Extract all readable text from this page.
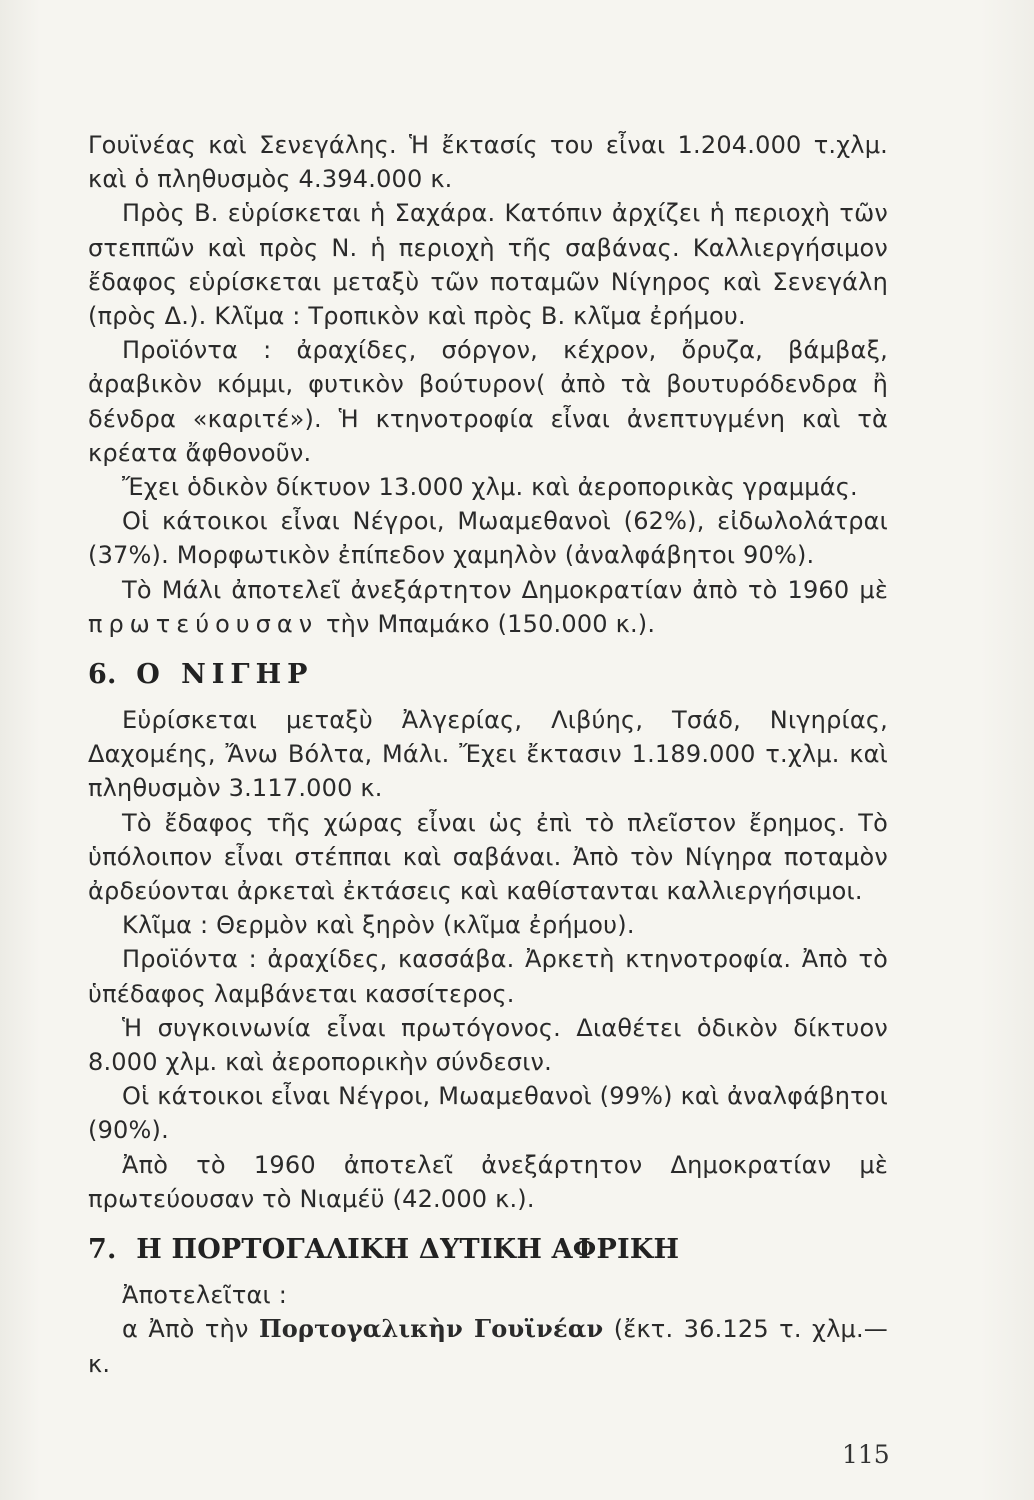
Γουϊνέας καὶ Σενεγάλης. Ἡ ἔκτασίς του εἶναι 1.204.000 τ.χλμ. καὶ ὁ πληθυσμὸς 4.394.000 κ.

Πρὸς Β. εὑρίσκεται ἡ Σαχάρα. Κατόπιν ἀρχίζει ἡ περιοχὴ τῶν στεππῶν καὶ πρὸς Ν. ἡ περιοχὴ τῆς σαβάνας. Καλλιεργήσιμον ἔδαφος εὑρίσκεται μεταξὺ τῶν ποταμῶν Νίγηρος καὶ Σενεγάλη (πρὸς Δ.). Κλῖμα : Τροπικὸν καὶ πρὸς Β. κλῖμα ἐρήμου.

Προϊόντα : ἀραχίδες, σόργον, κέχρον, ὄρυζα, βάμβαξ, ἀραβικὸν κόμμι, φυτικὸν βούτυρον( ἀπὸ τὰ βουτυρόδενδρα ἢ δένδρα «καριτέ»). Ἡ κτηνοτροφία εἶναι ἀνεπτυγμένη καὶ τὰ κρέατα ἄφθονοῦν.

Ἔχει ὁδικὸν δίκτυον 13.000 χλμ. καὶ ἀεροπορικὰς γραμμάς.

Οἱ κάτοικοι εἶναι Νέγροι, Μωαμεθανοὶ (62%), εἰδωλολάτραι (37%). Μορφωτικὸν ἐπίπεδον χαμηλὸν (ἀναλφάβητοι 90%).

Τὸ Μάλι ἀποτελεῖ ἀνεξάρτητον Δημοκρατίαν ἀπὸ τὸ 1960 μὲ πρωτεύουσαν τὴν Μπαμάκο (150.000 κ.).

6. Ο ΝΙΓΗΡ

Εὑρίσκεται μεταξὺ Ἀλγερίας, Λιβύης, Τσάδ, Νιγηρίας, Δαχομέης, Ἄνω Βόλτα, Μάλι. Ἔχει ἔκτασιν 1.189.000 τ.χλμ. καὶ πληθυσμὸν 3.117.000 κ.

Τὸ ἔδαφος τῆς χώρας εἶναι ὡς ἐπὶ τὸ πλεῖστον ἔρημος. Τὸ ὑπόλοιπον εἶναι στέππαι καὶ σαβάναι. Ἀπὸ τὸν Νίγηρα ποταμὸν ἀρδεύονται ἀρκεταὶ ἐκτάσεις καὶ καθίστανται καλλιεργήσιμοι.

Κλῖμα : Θερμὸν καὶ ξηρὸν (κλῖμα ἐρήμου).

Προϊόντα : ἀραχίδες, κασσάβα. Ἀρκετὴ κτηνοτροφία. Ἀπὸ τὸ ὑπέδαφος λαμβάνεται κασσίτερος.

Ἡ συγκοινωνία εἶναι πρωτόγονος. Διαθέτει ὁδικὸν δίκτυον 8.000 χλμ. καὶ ἀεροπορικὴν σύνδεσιν.

Οἱ κάτοικοι εἶναι Νέγροι, Μωαμεθανοὶ (99%) καὶ ἀναλφάβητοι (90%).

Ἀπὸ τὸ 1960 ἀποτελεῖ ἀνεξάρτητον Δημοκρατίαν μὲ πρωτεύουσαν τὸ Νιαμέϋ (42.000 κ.).

7. Η ΠΟΡΤΟΓΑΛΙΚΗ ΔΥΤΙΚΗ ΑΦΡΙΚΗ

Ἀποτελεῖται :

α Ἀπὸ τὴν Πορτογαλικὴν Γουϊνέαν (ἔκτ. 36.125 τ. χλμ.— κ.

115
